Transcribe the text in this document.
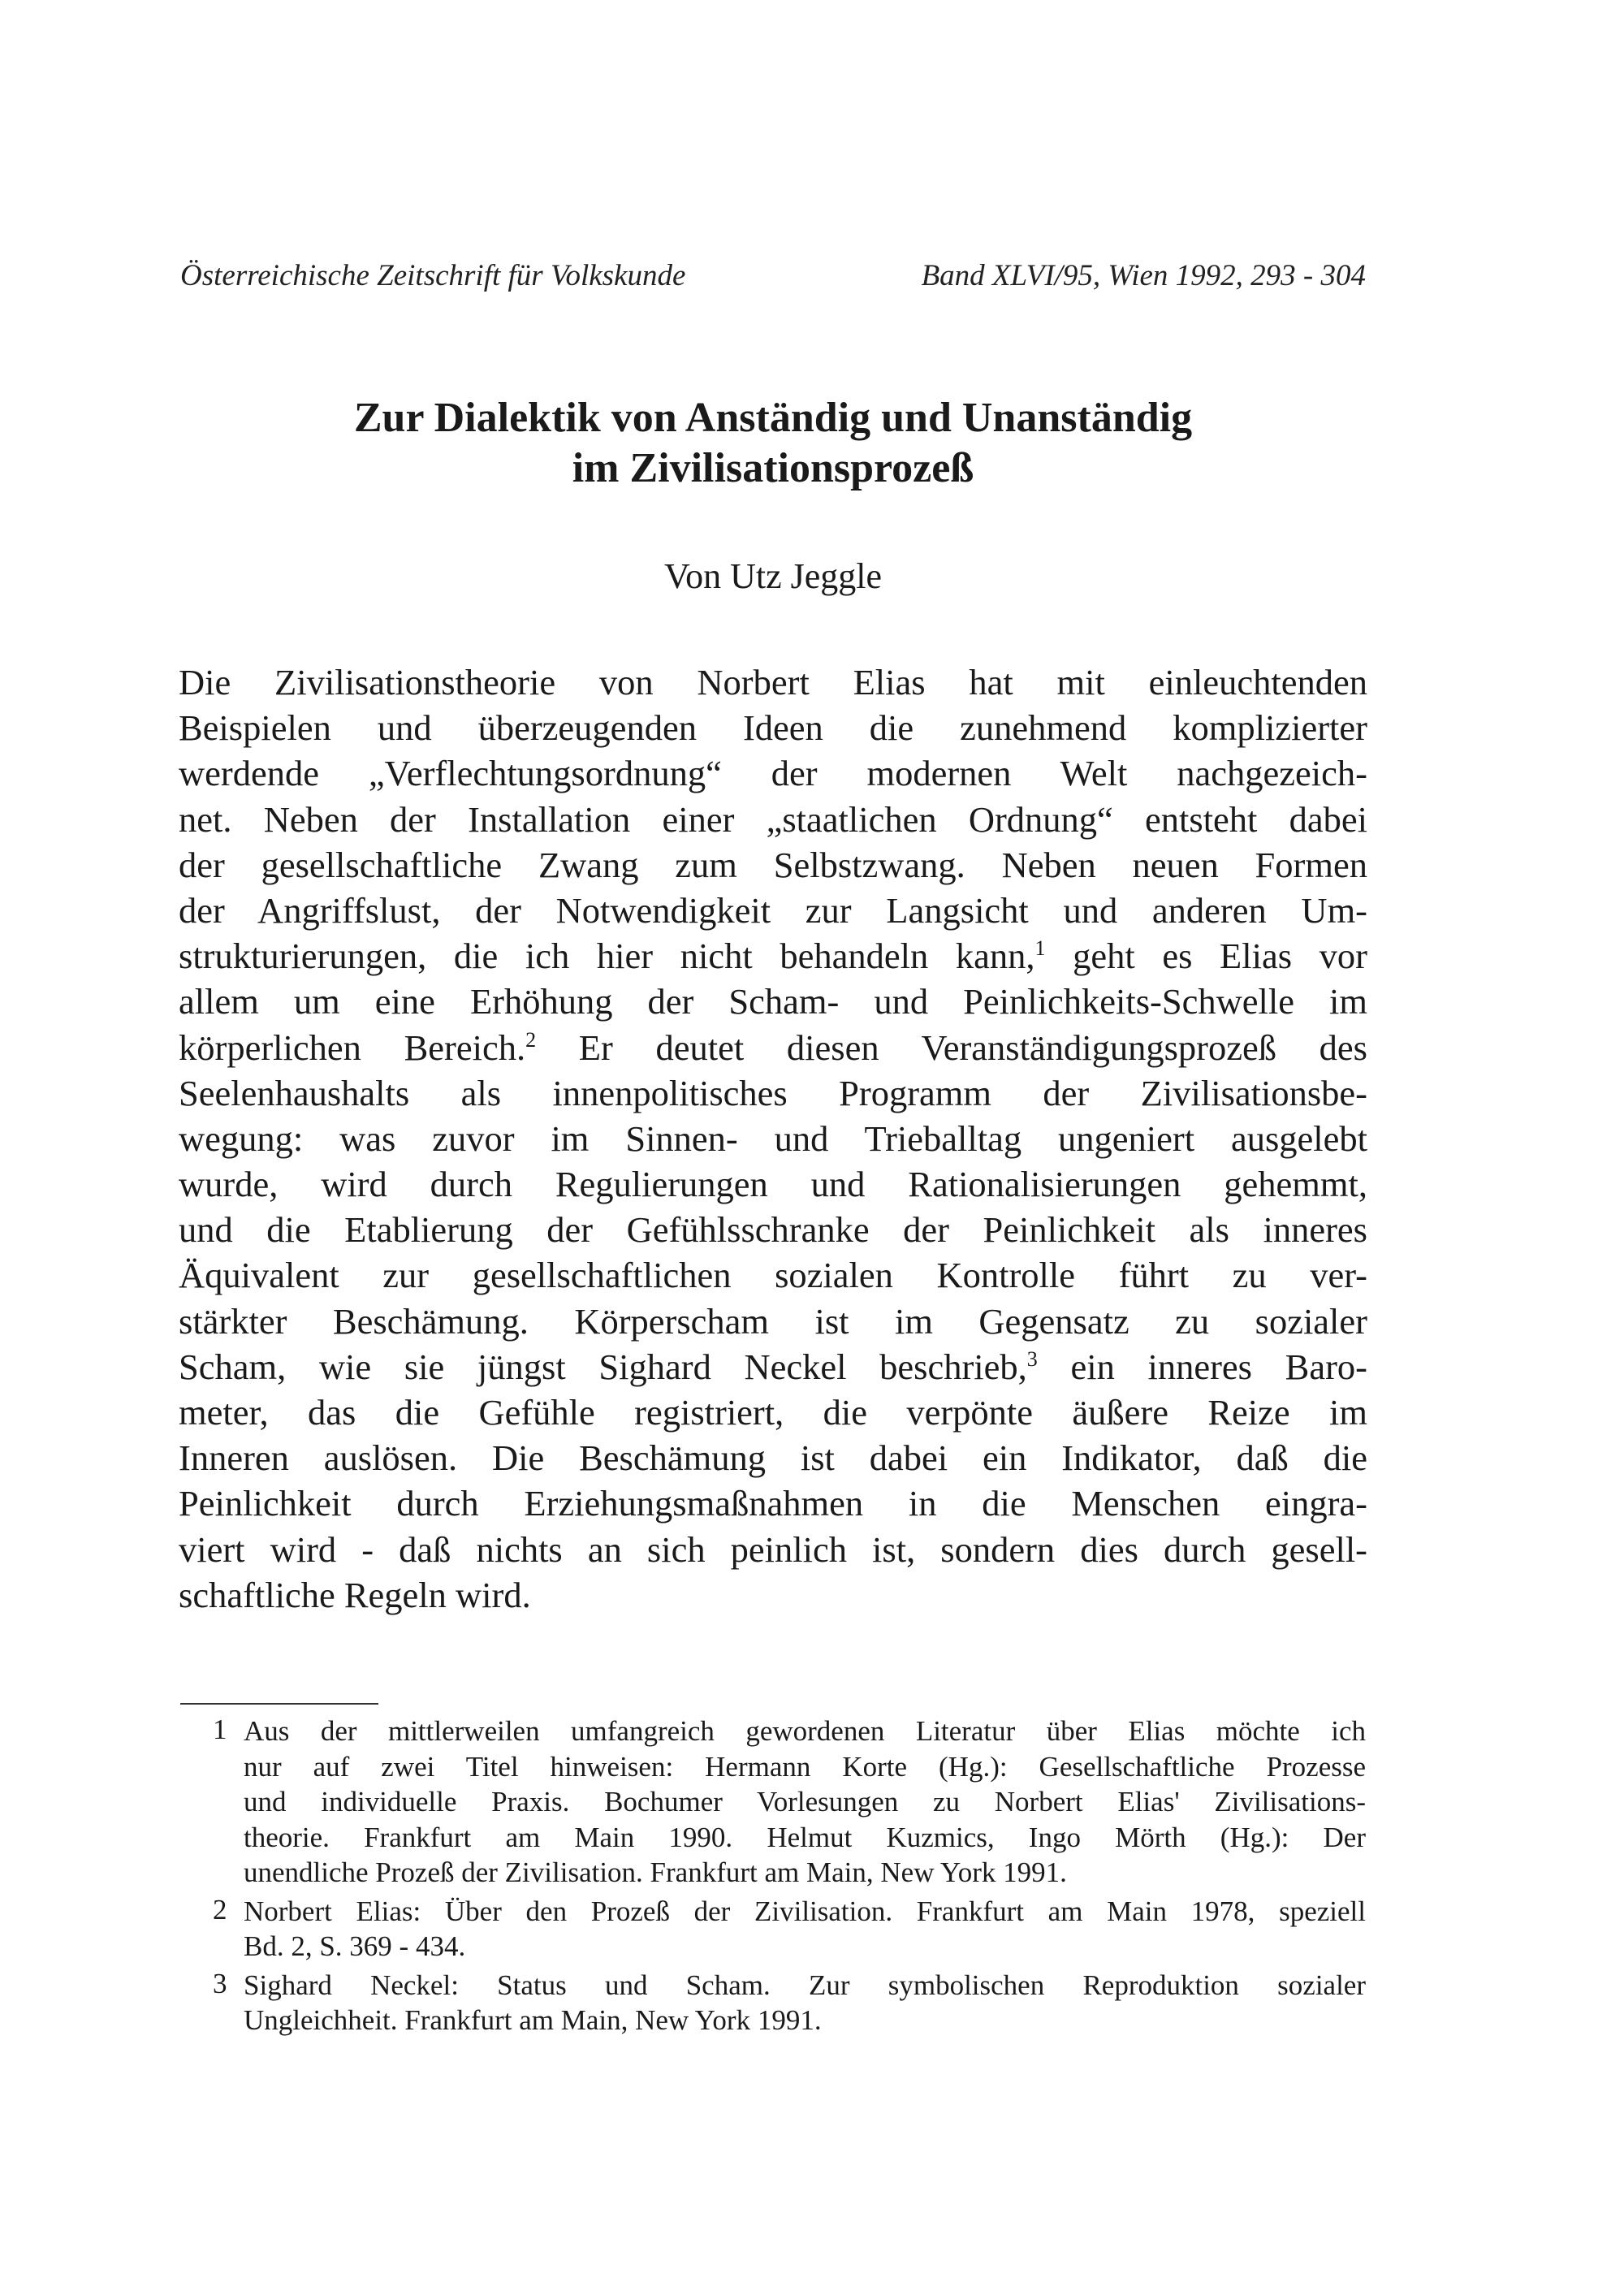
Österreichische Zeitschrift für Volkskunde	Band XLVI/95, Wien 1992, 293 - 304
Zur Dialektik von Anständig und Unanständig
im Zivilisationsprozeß
Von Utz Jeggle
Die Zivilisationstheorie von Norbert Elias hat mit einleuchtenden
Beispielen und überzeugenden Ideen die zunehmend komplizierter
werdende „Verflechtungsordnung“ der modernen Welt nachgezeich-
net. Neben der Installation einer „staatlichen Ordnung“ entsteht dabei
der gesellschaftliche Zwang zum Selbstzwang. Neben neuen Formen
der Angriffslust, der Notwendigkeit zur Langsicht und anderen Um-
strukturierungen, die ich hier nicht behandeln kann,$^1$ geht es Elias vor
allem um eine Erhöhung der Scham- und Peinlichkeits-Schwelle im
körperlichen Bereich.$^2$ Er deutet diesen Veranständigungsprozeß des
Seelenhaushalts als innenpolitisches Programm der Zivilisationsbe-
wegung: was zuvor im Sinnen- und Trieballtag ungeniert ausgelebt
wurde, wird durch Regulierungen und Rationalisierungen gehemmt,
und die Etablierung der Gefühlsschranke der Peinlichkeit als inneres
Äquivalent zur gesellschaftlichen sozialen Kontrolle führt zu ver-
stärkter Beschämung. Körperscham ist im Gegensatz zu sozialer
Scham, wie sie jüngst Sighard Neckel beschrieb,$^3$ ein inneres Baro-
meter, das die Gefühle registriert, die verpönte äußere Reize im
Inneren auslösen. Die Beschämung ist dabei ein Indikator, daß die
Peinlichkeit durch Erziehungsmaßnahmen in die Menschen eingra-
viert wird - daß nichts an sich peinlich ist, sondern dies durch gesell-
schaftliche Regeln wird.
1 Aus der mittlerweilen umfangreich gewordenen Literatur über Elias möchte ich
nur auf zwei Titel hinweisen: Hermann Korte (Hg.): Gesellschaftliche Prozesse
und individuelle Praxis. Bochumer Vorlesungen zu Norbert Elias' Zivilisations-
theorie. Frankfurt am Main 1990. Helmut Kuzmics, Ingo Mörth (Hg.): Der
unendliche Prozeß der Zivilisation. Frankfurt am Main, New York 1991.
2 Norbert Elias: Über den Prozeß der Zivilisation. Frankfurt am Main 1978, speziell
Bd. 2, S. 369 - 434.
3 Sighard Neckel: Status und Scham. Zur symbolischen Reproduktion sozialer
Ungleichheit. Frankfurt am Main, New York 1991.
